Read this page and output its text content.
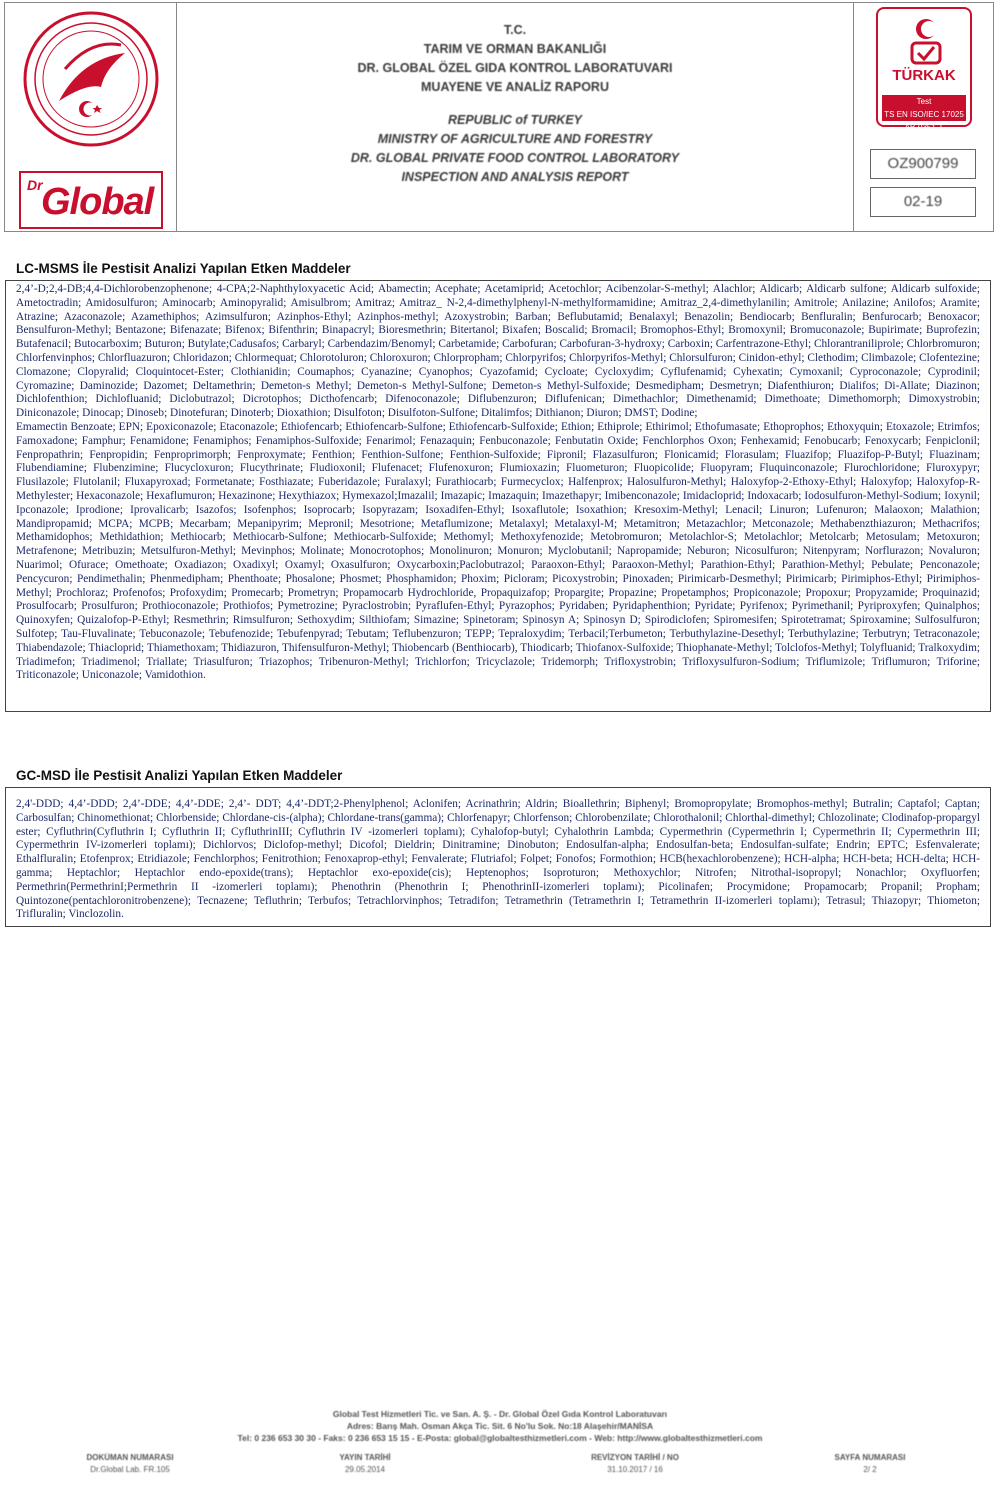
Dr
Global
T.C.
TARIM VE ORMAN BAKANLIĞI
DR. GLOBAL ÖZEL GIDA KONTROL LABORATUVARI
MUAYENE VE ANALİZ RAPORU
REPUBLIC of TURKEY
MINISTRY OF AGRICULTURE AND FORESTRY
DR. GLOBAL PRIVATE FOOD CONTROL LABORATORY
INSPECTION AND ANALYSIS REPORT
TÜRKAK
Test
TS EN ISO/IEC 17025
AB-0351-T
OZ900799
02-19
LC-MSMS İle Pestisit Analizi Yapılan Etken Maddeler
2,4’-D;2,4-DB;4,4-Dichlorobenzophenone; 4-CPA;2-Naphthyloxyacetic Acid; Abamectin; Acephate; Acetamiprid; Acetochlor; Acibenzolar-S-methyl; Alachlor; Aldicarb; Aldicarb sulfone; Aldicarb sulfoxide; Ametoctradin; Amidosulfuron; Aminocarb; Aminopyralid; Amisulbrom; Amitraz; Amitraz_ N-2,4-dimethylphenyl-N-methylformamidine; Amitraz_2,4-dimethylanilin; Amitrole; Anilazine; Anilofos; Aramite; Atrazine; Azaconazole; Azamethiphos; Azimsulfuron; Azinphos-Ethyl; Azinphos-methyl; Azoxystrobin; Barban; Beflubutamid; Benalaxyl; Benazolin; Bendiocarb; Benfluralin; Benfurocarb; Benoxacor; Bensulfuron-Methyl; Bentazone; Bifenazate; Bifenox; Bifenthrin; Binapacryl; Bioresmethrin; Bitertanol; Bixafen; Boscalid; Bromacil; Bromophos-Ethyl; Bromoxynil; Bromuconazole; Bupirimate; Buprofezin; Butafenacil; Butocarboxim; Buturon; Butylate;Cadusafos; Carbaryl; Carbendazim/Benomyl; Carbetamide; Carbofuran; Carbofuran-3-hydroxy; Carboxin; Carfentrazone-Ethyl; Chlorantraniliprole; Chlorbromuron; Chlorfenvinphos; Chlorfluazuron; Chloridazon; Chlormequat; Chlorotoluron; Chloroxuron; Chlorpropham; Chlorpyrifos; Chlorpyrifos-Methyl; Chlorsulfuron; Cinidon-ethyl; Clethodim; Climbazole; Clofentezine; Clomazone; Clopyralid; Cloquintocet-Ester; Clothianidin; Coumaphos; Cyanazine; Cyanophos; Cyazofamid; Cycloate; Cycloxydim; Cyflufenamid; Cyhexatin; Cymoxanil; Cyproconazole; Cyprodinil; Cyromazine; Daminozide; Dazomet; Deltamethrin; Demeton-s Methyl; Demeton-s Methyl-Sulfone; Demeton-s Methyl-Sulfoxide; Desmedipham; Desmetryn; Diafenthiuron; Dialifos; Di-Allate; Diazinon; Dichlofenthion; Dichlofluanid; Diclobutrazol; Dicrotophos; Dicthofencarb; Difenoconazole; Diflubenzuron; Diflufenican; Dimethachlor; Dimethenamid; Dimethoate; Dimethomorph; Dimoxystrobin; Diniconazole; Dinocap; Dinoseb; Dinotefuran; Dinoterb; Dioxathion; Disulfoton; Disulfoton-Sulfone; Ditalimfos; Dithianon; Diuron; DMST; Dodine;
Emamectin Benzoate; EPN; Epoxiconazole; Etaconazole; Ethiofencarb; Ethiofencarb-Sulfone; Ethiofencarb-Sulfoxide; Ethion; Ethiprole; Ethirimol; Ethofumasate; Ethoprophos; Ethoxyquin; Etoxazole; Etrimfos; Famoxadone; Famphur; Fenamidone; Fenamiphos; Fenamiphos-Sulfoxide; Fenarimol; Fenazaquin; Fenbuconazole; Fenbutatin Oxide; Fenchlorphos Oxon; Fenhexamid; Fenobucarb; Fenoxycarb; Fenpiclonil; Fenpropathrin; Fenpropidin; Fenproprimorph; Fenproxymate; Fenthion; Fenthion-Sulfone; Fenthion-Sulfoxide; Fipronil; Flazasulfuron; Flonicamid; Florasulam; Fluazifop; Fluazifop-P-Butyl; Fluazinam; Flubendiamine; Flubenzimine; Flucycloxuron; Flucythrinate; Fludioxonil; Flufenacet; Flufenoxuron; Flumioxazin; Fluometuron; Fluopicolide; Fluopyram; Fluquinconazole; Flurochloridone; Fluroxypyr; Flusilazole; Flutolanil; Fluxapyroxad; Formetanate; Fosthiazate; Fuberidazole; Furalaxyl; Furathiocarb; Furmecyclox; Halfenprox; Halosulfuron-Methyl; Haloxyfop-2-Ethoxy-Ethyl; Haloxyfop; Haloxyfop-R-Methylester; Hexaconazole; Hexaflumuron; Hexazinone; Hexythiazox; Hymexazol;Imazalil; Imazapic; Imazaquin; Imazethapyr; Imibenconazole; Imidacloprid; Indoxacarb; Iodosulfuron-Methyl-Sodium; Ioxynil; Ipconazole; Iprodione; Iprovalicarb; Isazofos; Isofenphos; Isoprocarb; Isopyrazam; Isoxadifen-Ethyl; Isoxaflutole; Isoxathion; Kresoxim-Methyl; Lenacil; Linuron; Lufenuron; Malaoxon; Malathion; Mandipropamid; MCPA; MCPB; Mecarbam; Mepanipyrim; Mepronil; Mesotrione; Metaflumizone; Metalaxyl; Metalaxyl-M; Metamitron; Metazachlor; Metconazole; Methabenzthiazuron; Methacrifos; Methamidophos; Methidathion; Methiocarb; Methiocarb-Sulfone; Methiocarb-Sulfoxide; Methomyl; Methoxyfenozide; Metobromuron; Metolachlor-S; Metolachlor; Metolcarb; Metosulam; Metoxuron; Metrafenone; Metribuzin; Metsulfuron-Methyl; Mevinphos; Molinate; Monocrotophos; Monolinuron; Monuron; Myclobutanil; Napropamide; Neburon; Nicosulfuron; Nitenpyram; Norflurazon; Novaluron; Nuarimol; Ofurace; Omethoate; Oxadiazon; Oxadixyl; Oxamyl; Oxasulfuron; Oxycarboxin;Paclobutrazol; Paraoxon-Ethyl; Paraoxon-Methyl; Parathion-Ethyl; Parathion-Methyl; Pebulate; Penconazole; Pencycuron; Pendimethalin; Phenmedipham; Phenthoate; Phosalone; Phosmet; Phosphamidon; Phoxim; Picloram; Picoxystrobin; Pinoxaden; Pirimicarb-Desmethyl; Pirimicarb; Pirimiphos-Ethyl; Pirimiphos-Methyl; Prochloraz; Profenofos; Profoxydim; Promecarb; Prometryn; Propamocarb Hydrochloride, Propaquizafop; Propargite; Propazine; Propetamphos; Propiconazole; Propoxur; Propyzamide; Proquinazid; Prosulfocarb; Prosulfuron; Prothioconazole; Prothiofos; Pymetrozine; Pyraclostrobin; Pyraflufen-Ethyl; Pyrazophos; Pyridaben; Pyridaphenthion; Pyridate; Pyrifenox; Pyrimethanil; Pyriproxyfen; Quinalphos; Quinoxyfen; Quizalofop-P-Ethyl; Resmethrin; Rimsulfuron; Sethoxydim; Silthiofam; Simazine; Spinetoram; Spinosyn A; Spinosyn D; Spirodiclofen; Spiromesifen; Spirotetramat; Spiroxamine; Sulfosulfuron; Sulfotep; Tau-Fluvalinate; Tebuconazole; Tebufenozide; Tebufenpyrad; Tebutam; Teflubenzuron; TEPP; Tepraloxydim; Terbacil;Terbumeton; Terbuthylazine-Desethyl; Terbuthylazine; Terbutryn; Tetraconazole; Thiabendazole; Thiacloprid; Thiamethoxam; Thidiazuron, Thifensulfuron-Methyl; Thiobencarb (Benthiocarb), Thiodicarb; Thiofanox-Sulfoxide; Thiophanate-Methyl; Tolclofos-Methyl; Tolyfluanid; Tralkoxydim; Triadimefon; Triadimenol; Triallate; Triasulfuron; Triazophos; Tribenuron-Methyl; Trichlorfon; Tricyclazole; Tridemorph; Trifloxystrobin; Trifloxysulfuron-Sodium; Triflumizole; Triflumuron; Triforine; Triticonazole; Uniconazole; Vamidothion.
GC-MSD İle Pestisit Analizi Yapılan Etken Maddeler
2,4'-DDD; 4,4’-DDD; 2,4’-DDE; 4,4’-DDE; 2,4’- DDT; 4,4’-DDT;2-Phenylphenol; Aclonifen; Acrinathrin; Aldrin; Bioallethrin; Biphenyl; Bromopropylate; Bromophos-methyl; Butralin; Captafol; Captan; Carbosulfan; Chinomethionat; Chlorbenside; Chlordane-cis-(alpha); Chlordane-trans(gamma); Chlorfenapyr; Chlorfenson; Chlorobenzilate; Chlorothalonil; Chlorthal-dimethyl; Chlozolinate; Clodinafop-propargyl ester; Cyfluthrin(Cyfluthrin I; Cyfluthrin II; CyfluthrinIII; Cyfluthrin IV -izomerleri toplamı); Cyhalofop-butyl; Cyhalothrin Lambda; Cypermethrin (Cypermethrin I; Cypermethrin II; Cypermethrin III; Cypermethrin IV-izomerleri toplamı); Dichlorvos; Diclofop-methyl; Dicofol; Dieldrin; Dinitramine; Dinobuton; Endosulfan-alpha; Endosulfan-beta; Endosulfan-sulfate; Endrin; EPTC; Esfenvalerate; Ethalfluralin; Etofenprox; Etridiazole; Fenchlorphos; Fenitrothion; Fenoxaprop-ethyl; Fenvalerate; Flutriafol; Folpet; Fonofos; Formothion; HCB(hexachlorobenzene); HCH-alpha; HCH-beta; HCH-delta; HCH-gamma; Heptachlor; Heptachlor endo-epoxide(trans); Heptachlor exo-epoxide(cis); Heptenophos; Isoproturon; Methoxychlor; Nitrofen; Nitrothal-isopropyl; Nonachlor; Oxyfluorfen; Permethrin(PermethrinI;Permethrin II -izomerleri toplamı); Phenothrin (Phenothrin I; PhenothrinII-izomerleri toplamı); Picolinafen; Procymidone; Propamocarb; Propanil; Propham; Quintozone(pentachloronitrobenzene); Tecnazene; Tefluthrin; Terbufos; Tetrachlorvinphos; Tetradifon; Tetramethrin (Tetramethrin I; Tetramethrin II-izomerleri toplamı); Tetrasul; Thiazopyr; Thiometon; Trifluralin; Vinclozolin.
Global Test Hizmetleri Tic. ve San. A. Ş. - Dr. Global Özel Gıda Kontrol Laboratuvarı
Adres: Barış Mah. Osman Akça Tic. Sit. 6 No'lu Sok. No:18 Alaşehir/MANİSA
Tel: 0 236 653 30 30 - Faks: 0 236 653 15 15 - E-Posta: global@globaltesthizmetleri.com - Web: http://www.globaltesthizmetleri.com
DOKÜMAN NUMARASI
Dr.Global Lab. FR.105
YAYIN TARİHİ
29.05.2014
REVİZYON TARİHİ / NO
31.10.2017 / 16
SAYFA NUMARASI
2/ 2
